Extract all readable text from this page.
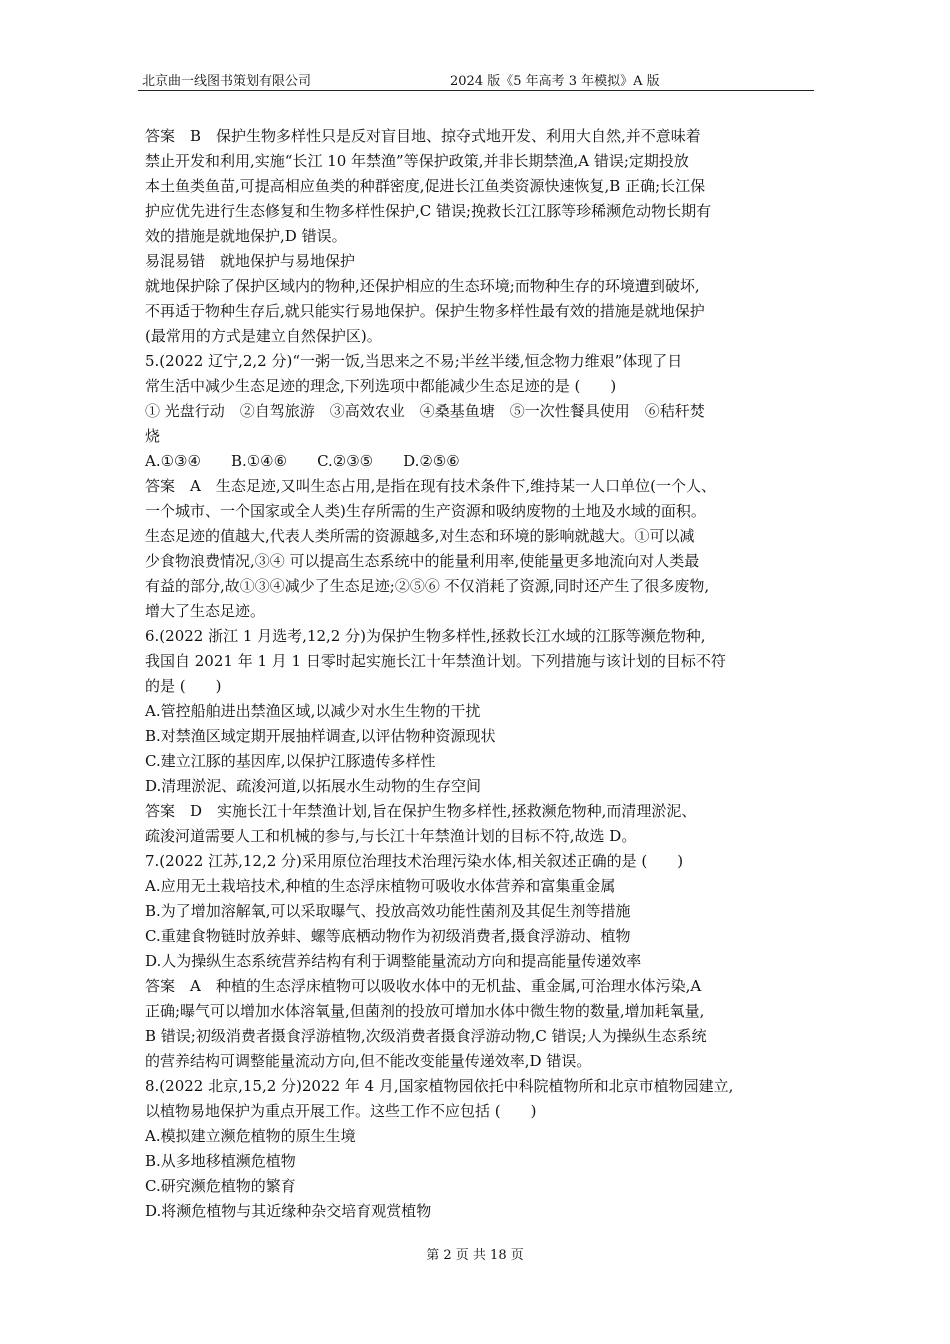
北京曲一线图书策划有限公司	2024 版《5 年高考 3 年模拟》A 版
答案　B　保护生物多样性只是反对盲目地、掠夺式地开发、利用大自然,并不意味着
禁止开发和利用,实施“长江 10 年禁渔”等保护政策,并非长期禁渔,A 错误;定期投放
本土鱼类鱼苗,可提高相应鱼类的种群密度,促进长江鱼类资源快速恢复,B 正确;长江保
护应优先进行生态修复和生物多样性保护,C 错误;挽救长江江豚等珍稀濒危动物长期有
效的措施是就地保护,D 错误。
易混易错　就地保护与易地保护
就地保护除了保护区域内的物种,还保护相应的生态环境;而物种生存的环境遭到破坏,
不再适于物种生存后,就只能实行易地保护。保护生物多样性最有效的措施是就地保护
(最常用的方式是建立自然保护区)。
5.(2022 辽宁,2,2 分)“一粥一饭,当思来之不易;半丝半缕,恒念物力维艰”体现了日
常生活中减少生态足迹的理念,下列选项中都能减少生态足迹的是 (　　)
① 光盘行动　②自驾旅游　③高效农业　④桑基鱼塘　⑤一次性餐具使用　⑥秸秆焚
烧
A.①③④　　B.①④⑥　　C.②③⑤　　D.②⑤⑥
答案　A　生态足迹,又叫生态占用,是指在现有技术条件下,维持某一人口单位(一个人、
一个城市、一个国家或全人类)生存所需的生产资源和吸纳废物的土地及水域的面积。
生态足迹的值越大,代表人类所需的资源越多,对生态和环境的影响就越大。①可以减
少食物浪费情况,③④ 可以提高生态系统中的能量利用率,使能量更多地流向对人类最
有益的部分,故①③④减少了生态足迹;②⑤⑥ 不仅消耗了资源,同时还产生了很多废物,
增大了生态足迹。
6.(2022 浙江 1 月选考,12,2 分)为保护生物多样性,拯救长江水域的江豚等濒危物种,
我国自 2021 年 1 月 1 日零时起实施长江十年禁渔计划。下列措施与该计划的目标不符
的是 (　　)
A.管控船舶进出禁渔区域,以减少对水生生物的干扰
B.对禁渔区域定期开展抽样调查,以评估物种资源现状
C.建立江豚的基因库,以保护江豚遗传多样性
D.清理淤泥、疏浚河道,以拓展水生动物的生存空间
答案　D　实施长江十年禁渔计划,旨在保护生物多样性,拯救濒危物种,而清理淤泥、
疏浚河道需要人工和机械的参与,与长江十年禁渔计划的目标不符,故选 D。
7.(2022 江苏,12,2 分)采用原位治理技术治理污染水体,相关叙述正确的是 (　　)
A.应用无土栽培技术,种植的生态浮床植物可吸收水体营养和富集重金属
B.为了增加溶解氧,可以采取曝气、投放高效功能性菌剂及其促生剂等措施
C.重建食物链时放养蚌、螺等底栖动物作为初级消费者,摄食浮游动、植物
D.人为操纵生态系统营养结构有利于调整能量流动方向和提高能量传递效率
答案　A　种植的生态浮床植物可以吸收水体中的无机盐、重金属,可治理水体污染,A
正确;曝气可以增加水体溶氧量,但菌剂的投放可增加水体中微生物的数量,增加耗氧量,
B 错误;初级消费者摄食浮游植物,次级消费者摄食浮游动物,C 错误;人为操纵生态系统
的营养结构可调整能量流动方向,但不能改变能量传递效率,D 错误。
8.(2022 北京,15,2 分)2022 年 4 月,国家植物园依托中科院植物所和北京市植物园建立,
以植物易地保护为重点开展工作。这些工作不应包括 (　　)
A.模拟建立濒危植物的原生生境
B.从多地移植濒危植物
C.研究濒危植物的繁育
D.将濒危植物与其近缘种杂交培育观赏植物
第 2 页 共 18 页
